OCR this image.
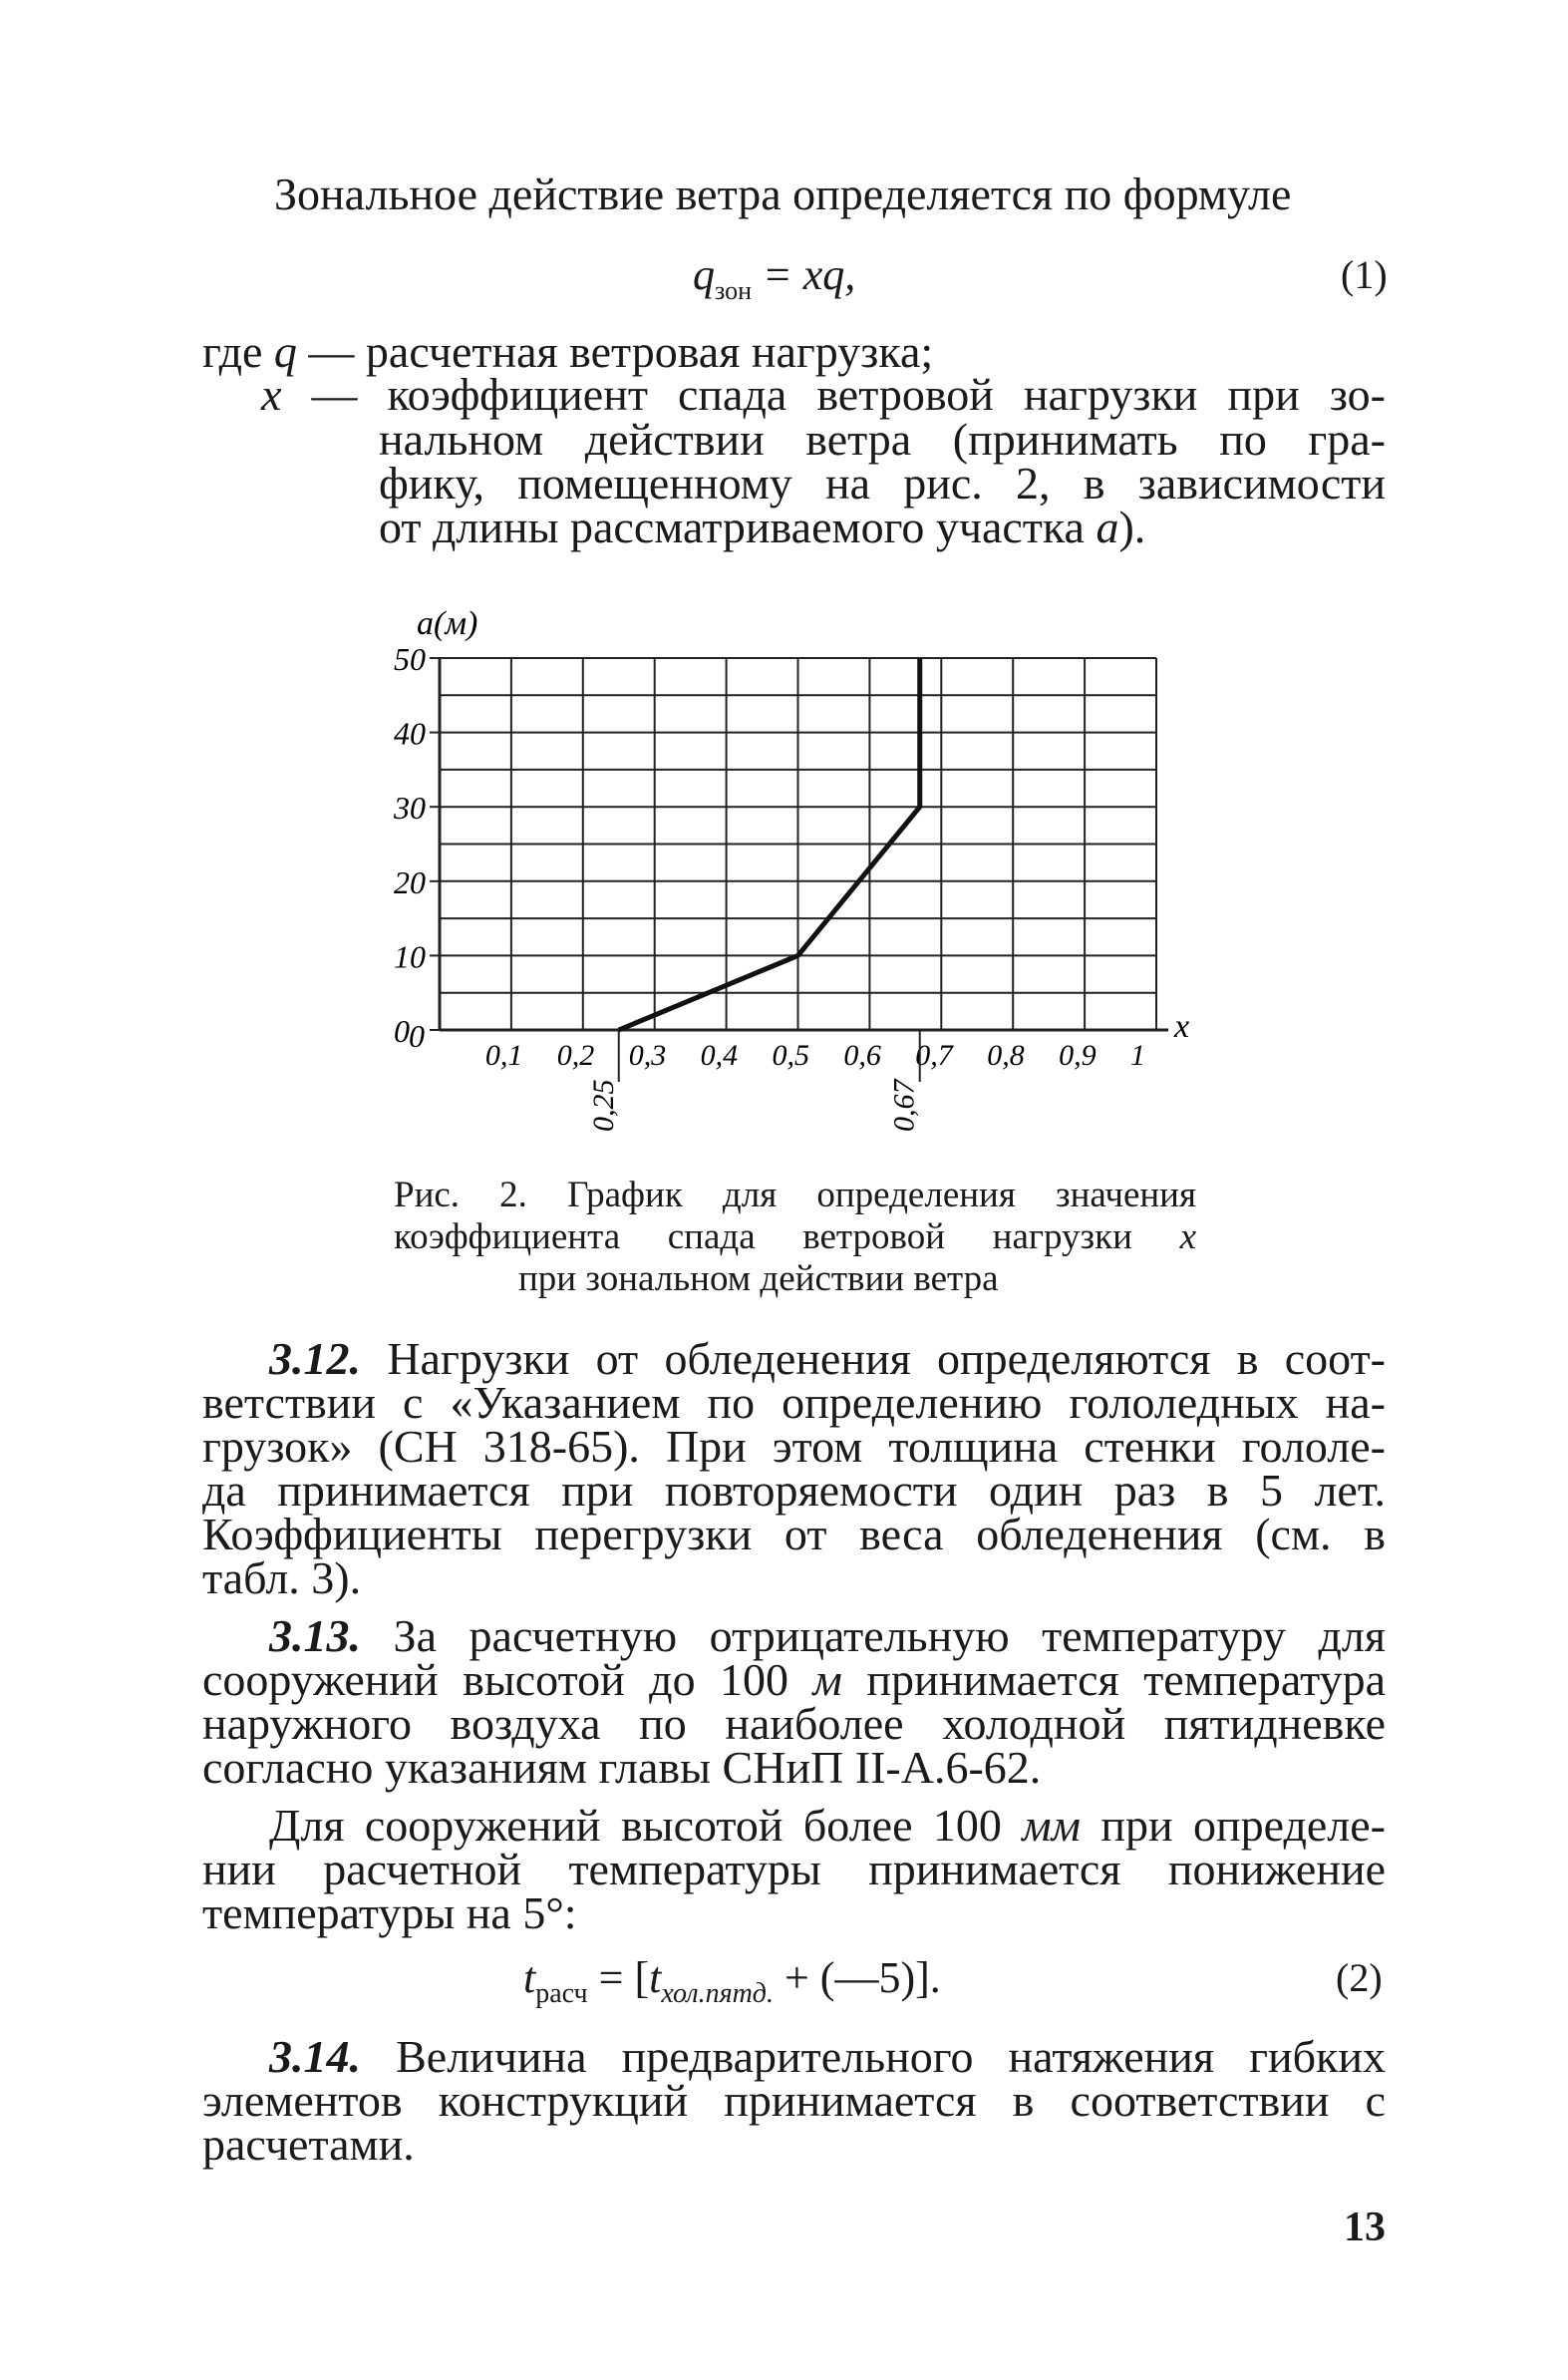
Зональное действие ветра определяется по формуле
$q_{зон}$ = xq,	(1)
где q — расчетная ветровая нагрузка;
x — коэффициент спада ветровой нагрузки при зо-
нальном действии ветра (принимать по гра-
фику, помещенному на рис. 2, в зависимости
от длины рассматриваемого участка a).
0
10
20
30
40
50
0,1 0,2 0,3 0,4 0,5 0,6 0,7 0,8 0,9 1
0
0,25	0,67
a(м)
x
Рис. 2. График для определения значения
коэффициента спада ветровой нагрузки x
при зональном действии ветра
3.12. Нагрузки от обледенения определяются в соот-
ветствии с «Указанием по определению гололедных на-
грузок» (СН 318-65). При этом толщина стенки гололе-
да принимается при повторяемости один раз в 5 лет.
Коэффициенты перегрузки от веса обледенения (см. в
табл. 3).
3.13. За расчетную отрицательную температуру для
сооружений высотой до 100 м принимается температура
наружного воздуха по наиболее холодной пятидневке
согласно указаниям главы СНиП II-А.6-62.
Для сооружений высотой более 100 мм при определе-
нии расчетной температуры принимается понижение
температуры на 5°:
$t_{расч} = [t_{хол.пятд.}$ + (—5)].	(2)
3.14. Величина предварительного натяжения гибких
элементов конструкций принимается в соответствии с
расчетами.
13
